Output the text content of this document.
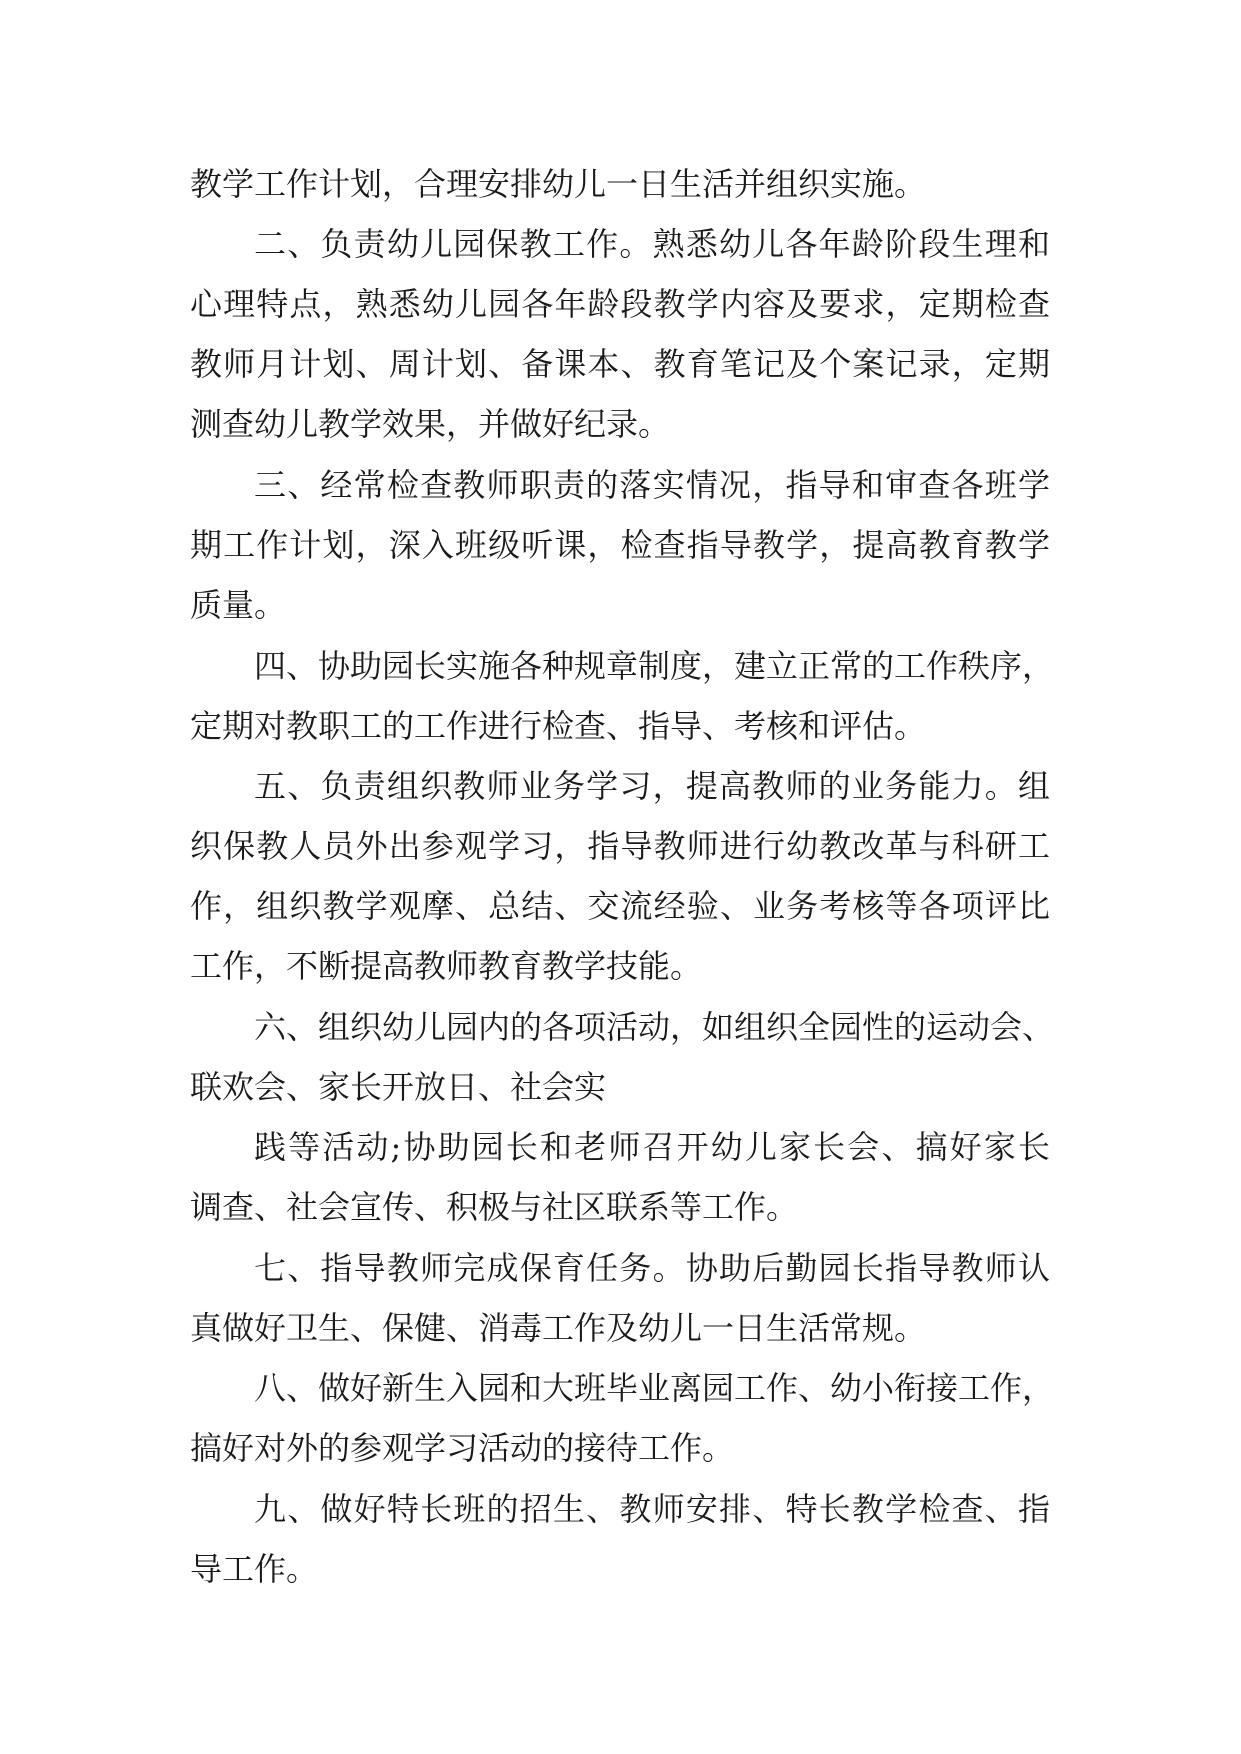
教学工作计划，合理安排幼儿一日生活并组织实施。
二、负责幼儿园保教工作。熟悉幼儿各年龄阶段生理和
心理特点，熟悉幼儿园各年龄段教学内容及要求，定期检查
教师月计划、周计划、备课本、教育笔记及个案记录，定期
测查幼儿教学效果，并做好纪录。
三、经常检查教师职责的落实情况，指导和审查各班学
期工作计划，深入班级听课，检查指导教学，提高教育教学
质量。
四、协助园长实施各种规章制度，建立正常的工作秩序，
定期对教职工的工作进行检查、指导、考核和评估。
五、负责组织教师业务学习，提高教师的业务能力。组
织保教人员外出参观学习，指导教师进行幼教改革与科研工
作，组织教学观摩、总结、交流经验、业务考核等各项评比
工作，不断提高教师教育教学技能。
六、组织幼儿园内的各项活动，如组织全园性的运动会、
联欢会、家长开放日、社会实
践等活动;协助园长和老师召开幼儿家长会、搞好家长
调查、社会宣传、积极与社区联系等工作。
七、指导教师完成保育任务。协助后勤园长指导教师认
真做好卫生、保健、消毒工作及幼儿一日生活常规。
八、做好新生入园和大班毕业离园工作、幼小衔接工作，
搞好对外的参观学习活动的接待工作。
九、做好特长班的招生、教师安排、特长教学检查、指
导工作。
